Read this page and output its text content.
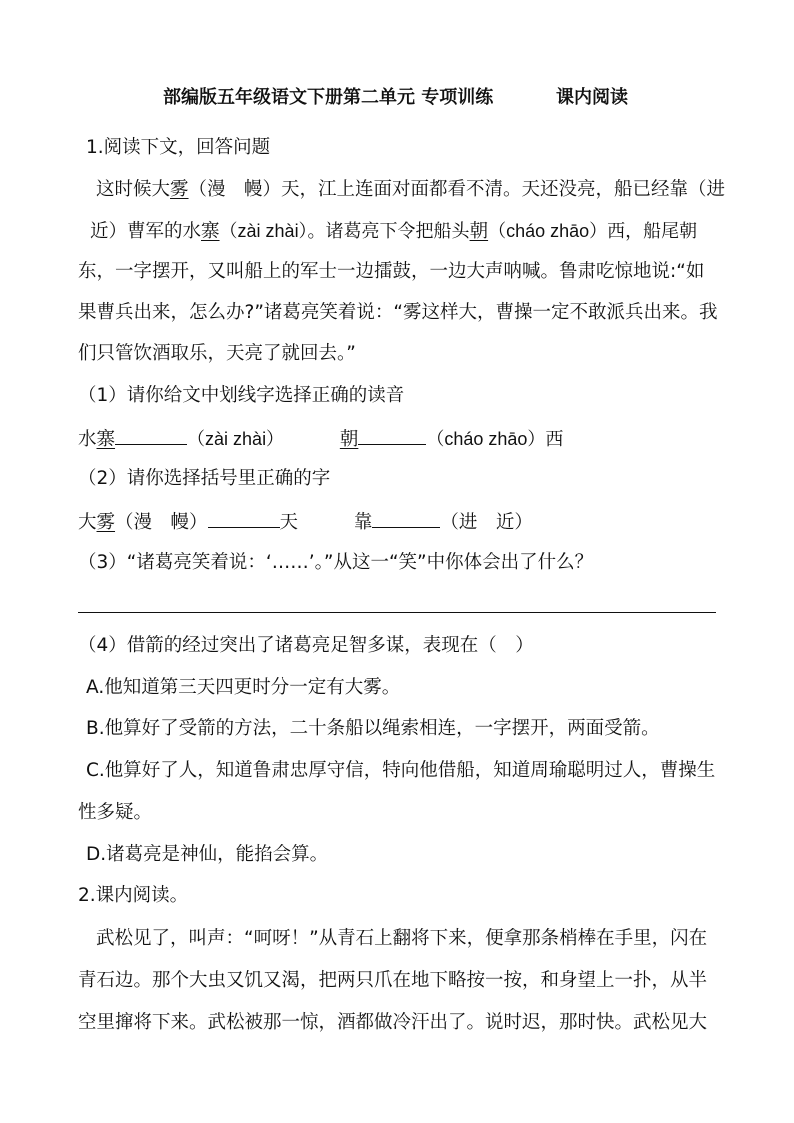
部编版五年级语文下册第二单元 专项训练	课内阅读
1.阅读下文，回答问题
这时候大雾（漫　幔）天，江上连面对面都看不清。天还没亮，船已经靠（进
近）曹军的水寨（zài zhài）。诸葛亮下令把船头朝（cháo zhāo）西，船尾朝
东，一字摆开，又叫船上的军士一边擂鼓，一边大声呐喊。鲁肃吃惊地说:“如
果曹兵出来，怎么办?”诸葛亮笑着说：“雾这样大，曹操一定不敢派兵出来。我
们只管饮酒取乐，天亮了就回去。”
（1）请你给文中划线字选择正确的读音
水寨	（zài zhài）	朝	（cháo zhāo）西
（2）请你选择括号里正确的字
大雾（漫　幔）	天	靠	（进　近）
（3）“诸葛亮笑着说：‘……’。”从这一“笑”中你体会出了什么？
（4）借箭的经过突出了诸葛亮足智多谋，表现在（　）
A.他知道第三天四更时分一定有大雾。
B.他算好了受箭的方法，二十条船以绳索相连，一字摆开，两面受箭。
C.他算好了人，知道鲁肃忠厚守信，特向他借船，知道周瑜聪明过人，曹操生
性多疑。
D.诸葛亮是神仙，能掐会算。
2.课内阅读。
武松见了，叫声：“呵呀！”从青石上翻将下来，便拿那条梢棒在手里，闪在
青石边。那个大虫又饥又渴，把两只爪在地下略按一按，和身望上一扑，从半
空里撺将下来。武松被那一惊，酒都做冷汗出了。说时迟，那时快。武松见大
